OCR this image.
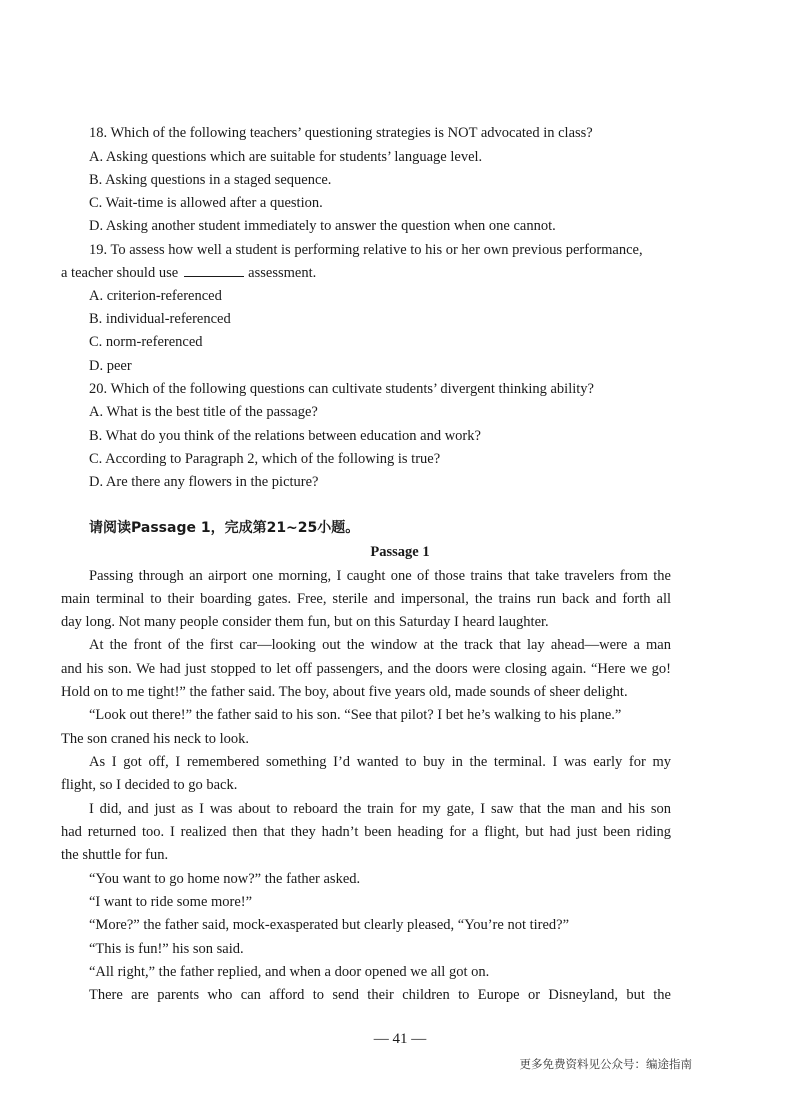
18. Which of the following teachers’ questioning strategies is NOT advocated in class?
A. Asking questions which are suitable for students’ language level.
B. Asking questions in a staged sequence.
C. Wait-time is allowed after a question.
D. Asking another student immediately to answer the question when one cannot.
19. To assess how well a student is performing relative to his or her own previous performance,
a teacher should use	assessment.
A. criterion-referenced
B. individual-referenced
C. norm-referenced
D. peer
20. Which of the following questions can cultivate students’ divergent thinking ability?
A. What is the best title of the passage?
B. What do you think of the relations between education and work?
C. According to Paragraph 2, which of the following is true?
D. Are there any flowers in the picture?
请阅读Passage 1，完成第21~25小题。
Passage 1
Passing through an airport one morning, I caught one of those trains that take travelers from the
main terminal to their boarding gates. Free, sterile and impersonal, the trains run back and forth all
day long. Not many people consider them fun, but on this Saturday I heard laughter.
At the front of the first car—looking out the window at the track that lay ahead—were a man
and his son. We had just stopped to let off passengers, and the doors were closing again. “Here we go!
Hold on to me tight!” the father said. The boy, about five years old, made sounds of sheer delight.
“Look out there!” the father said to his son. “See that pilot? I bet he’s walking to his plane.”
The son craned his neck to look.
As I got off, I remembered something I’d wanted to buy in the terminal. I was early for my
flight, so I decided to go back.
I did, and just as I was about to reboard the train for my gate, I saw that the man and his son
had returned too. I realized then that they hadn’t been heading for a flight, but had just been riding
the shuttle for fun.
“You want to go home now?” the father asked.
“I want to ride some more!”
“More?” the father said, mock-exasperated but clearly pleased, “You’re not tired?”
“This is fun!” his son said.
“All right,” the father replied, and when a door opened we all got on.
There are parents who can afford to send their children to Europe or Disneyland, but the
— 41 —
更多免费资料见公众号：编途指南
